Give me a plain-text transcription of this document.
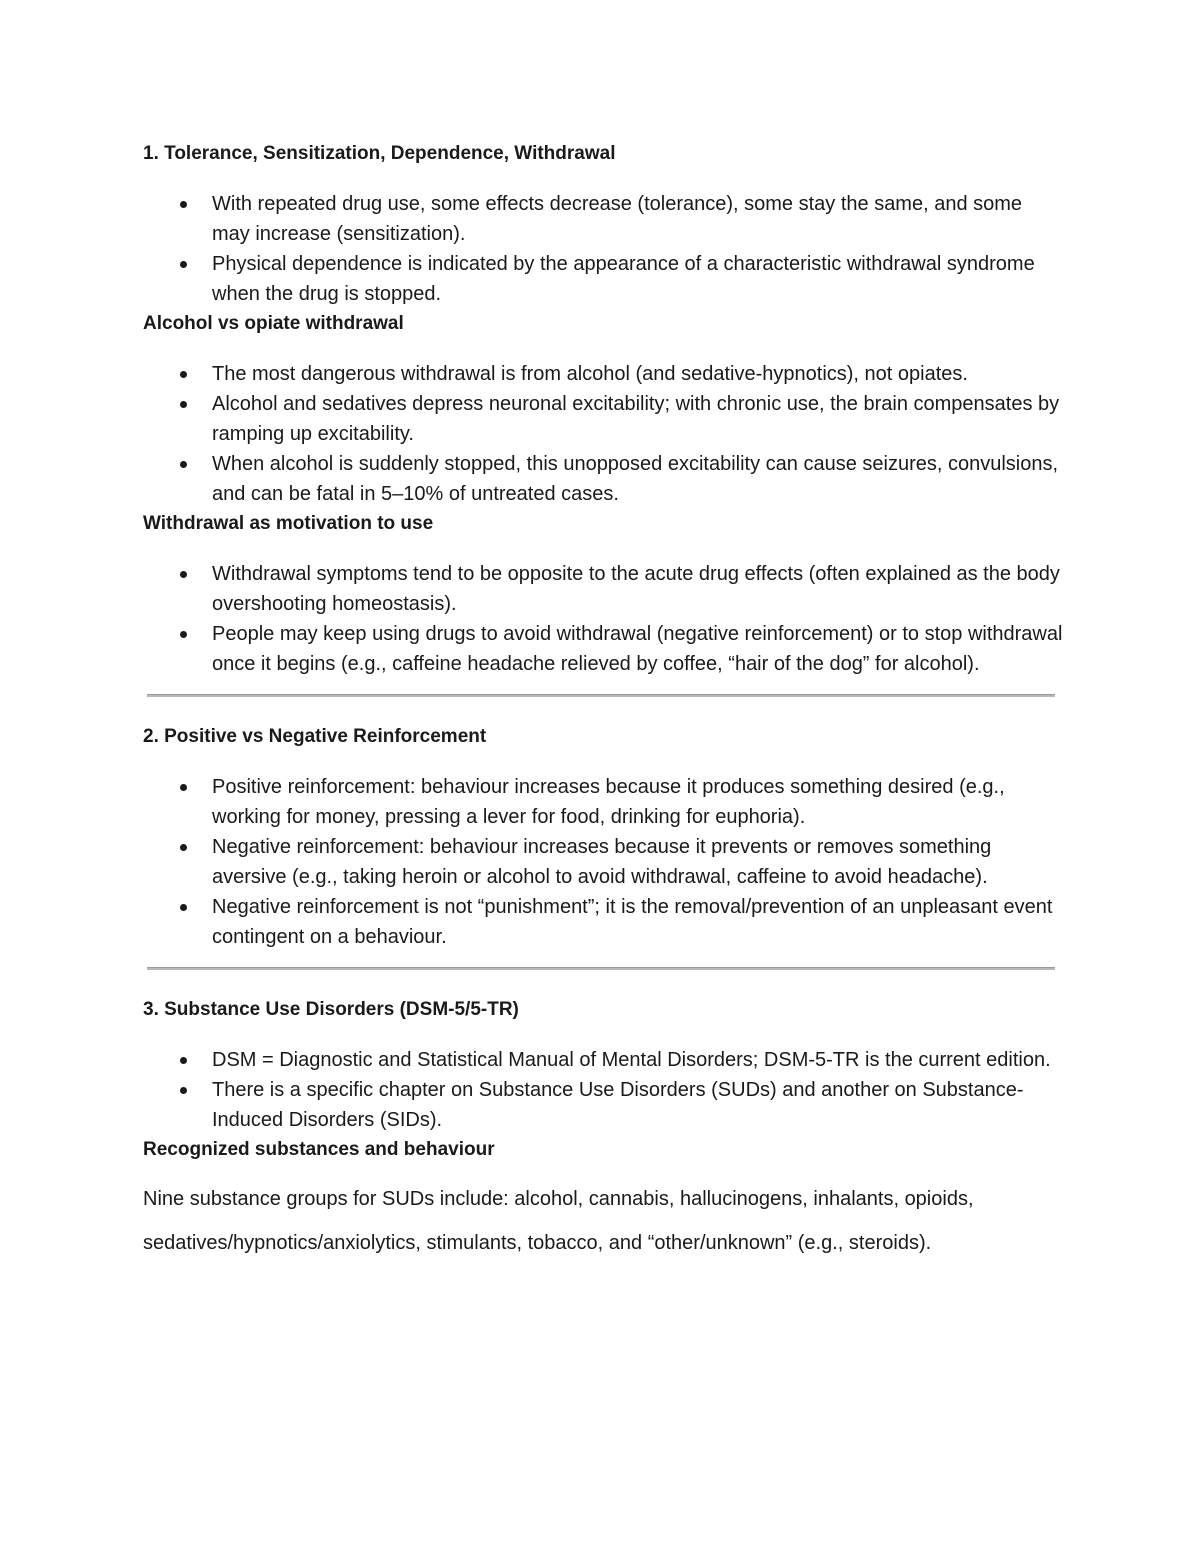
1. Tolerance, Sensitization, Dependence, Withdrawal
With repeated drug use, some effects decrease (tolerance), some stay the same, and some may increase (sensitization).
Physical dependence is indicated by the appearance of a characteristic withdrawal syndrome when the drug is stopped.
Alcohol vs opiate withdrawal
The most dangerous withdrawal is from alcohol (and sedative-hypnotics), not opiates.
Alcohol and sedatives depress neuronal excitability; with chronic use, the brain compensates by ramping up excitability.
When alcohol is suddenly stopped, this unopposed excitability can cause seizures, convulsions, and can be fatal in 5–10% of untreated cases.
Withdrawal as motivation to use
Withdrawal symptoms tend to be opposite to the acute drug effects (often explained as the body overshooting homeostasis).
People may keep using drugs to avoid withdrawal (negative reinforcement) or to stop withdrawal once it begins (e.g., caffeine headache relieved by coffee, “hair of the dog” for alcohol).
2. Positive vs Negative Reinforcement
Positive reinforcement: behaviour increases because it produces something desired (e.g., working for money, pressing a lever for food, drinking for euphoria).
Negative reinforcement: behaviour increases because it prevents or removes something aversive (e.g., taking heroin or alcohol to avoid withdrawal, caffeine to avoid headache).
Negative reinforcement is not “punishment”; it is the removal/prevention of an unpleasant event contingent on a behaviour.
3. Substance Use Disorders (DSM-5/5-TR)
DSM = Diagnostic and Statistical Manual of Mental Disorders; DSM-5-TR is the current edition.
There is a specific chapter on Substance Use Disorders (SUDs) and another on Substance-Induced Disorders (SIDs).
Recognized substances and behaviour

Nine substance groups for SUDs include: alcohol, cannabis, hallucinogens, inhalants, opioids, sedatives/hypnotics/anxiolytics, stimulants, tobacco, and “other/unknown” (e.g., steroids).
